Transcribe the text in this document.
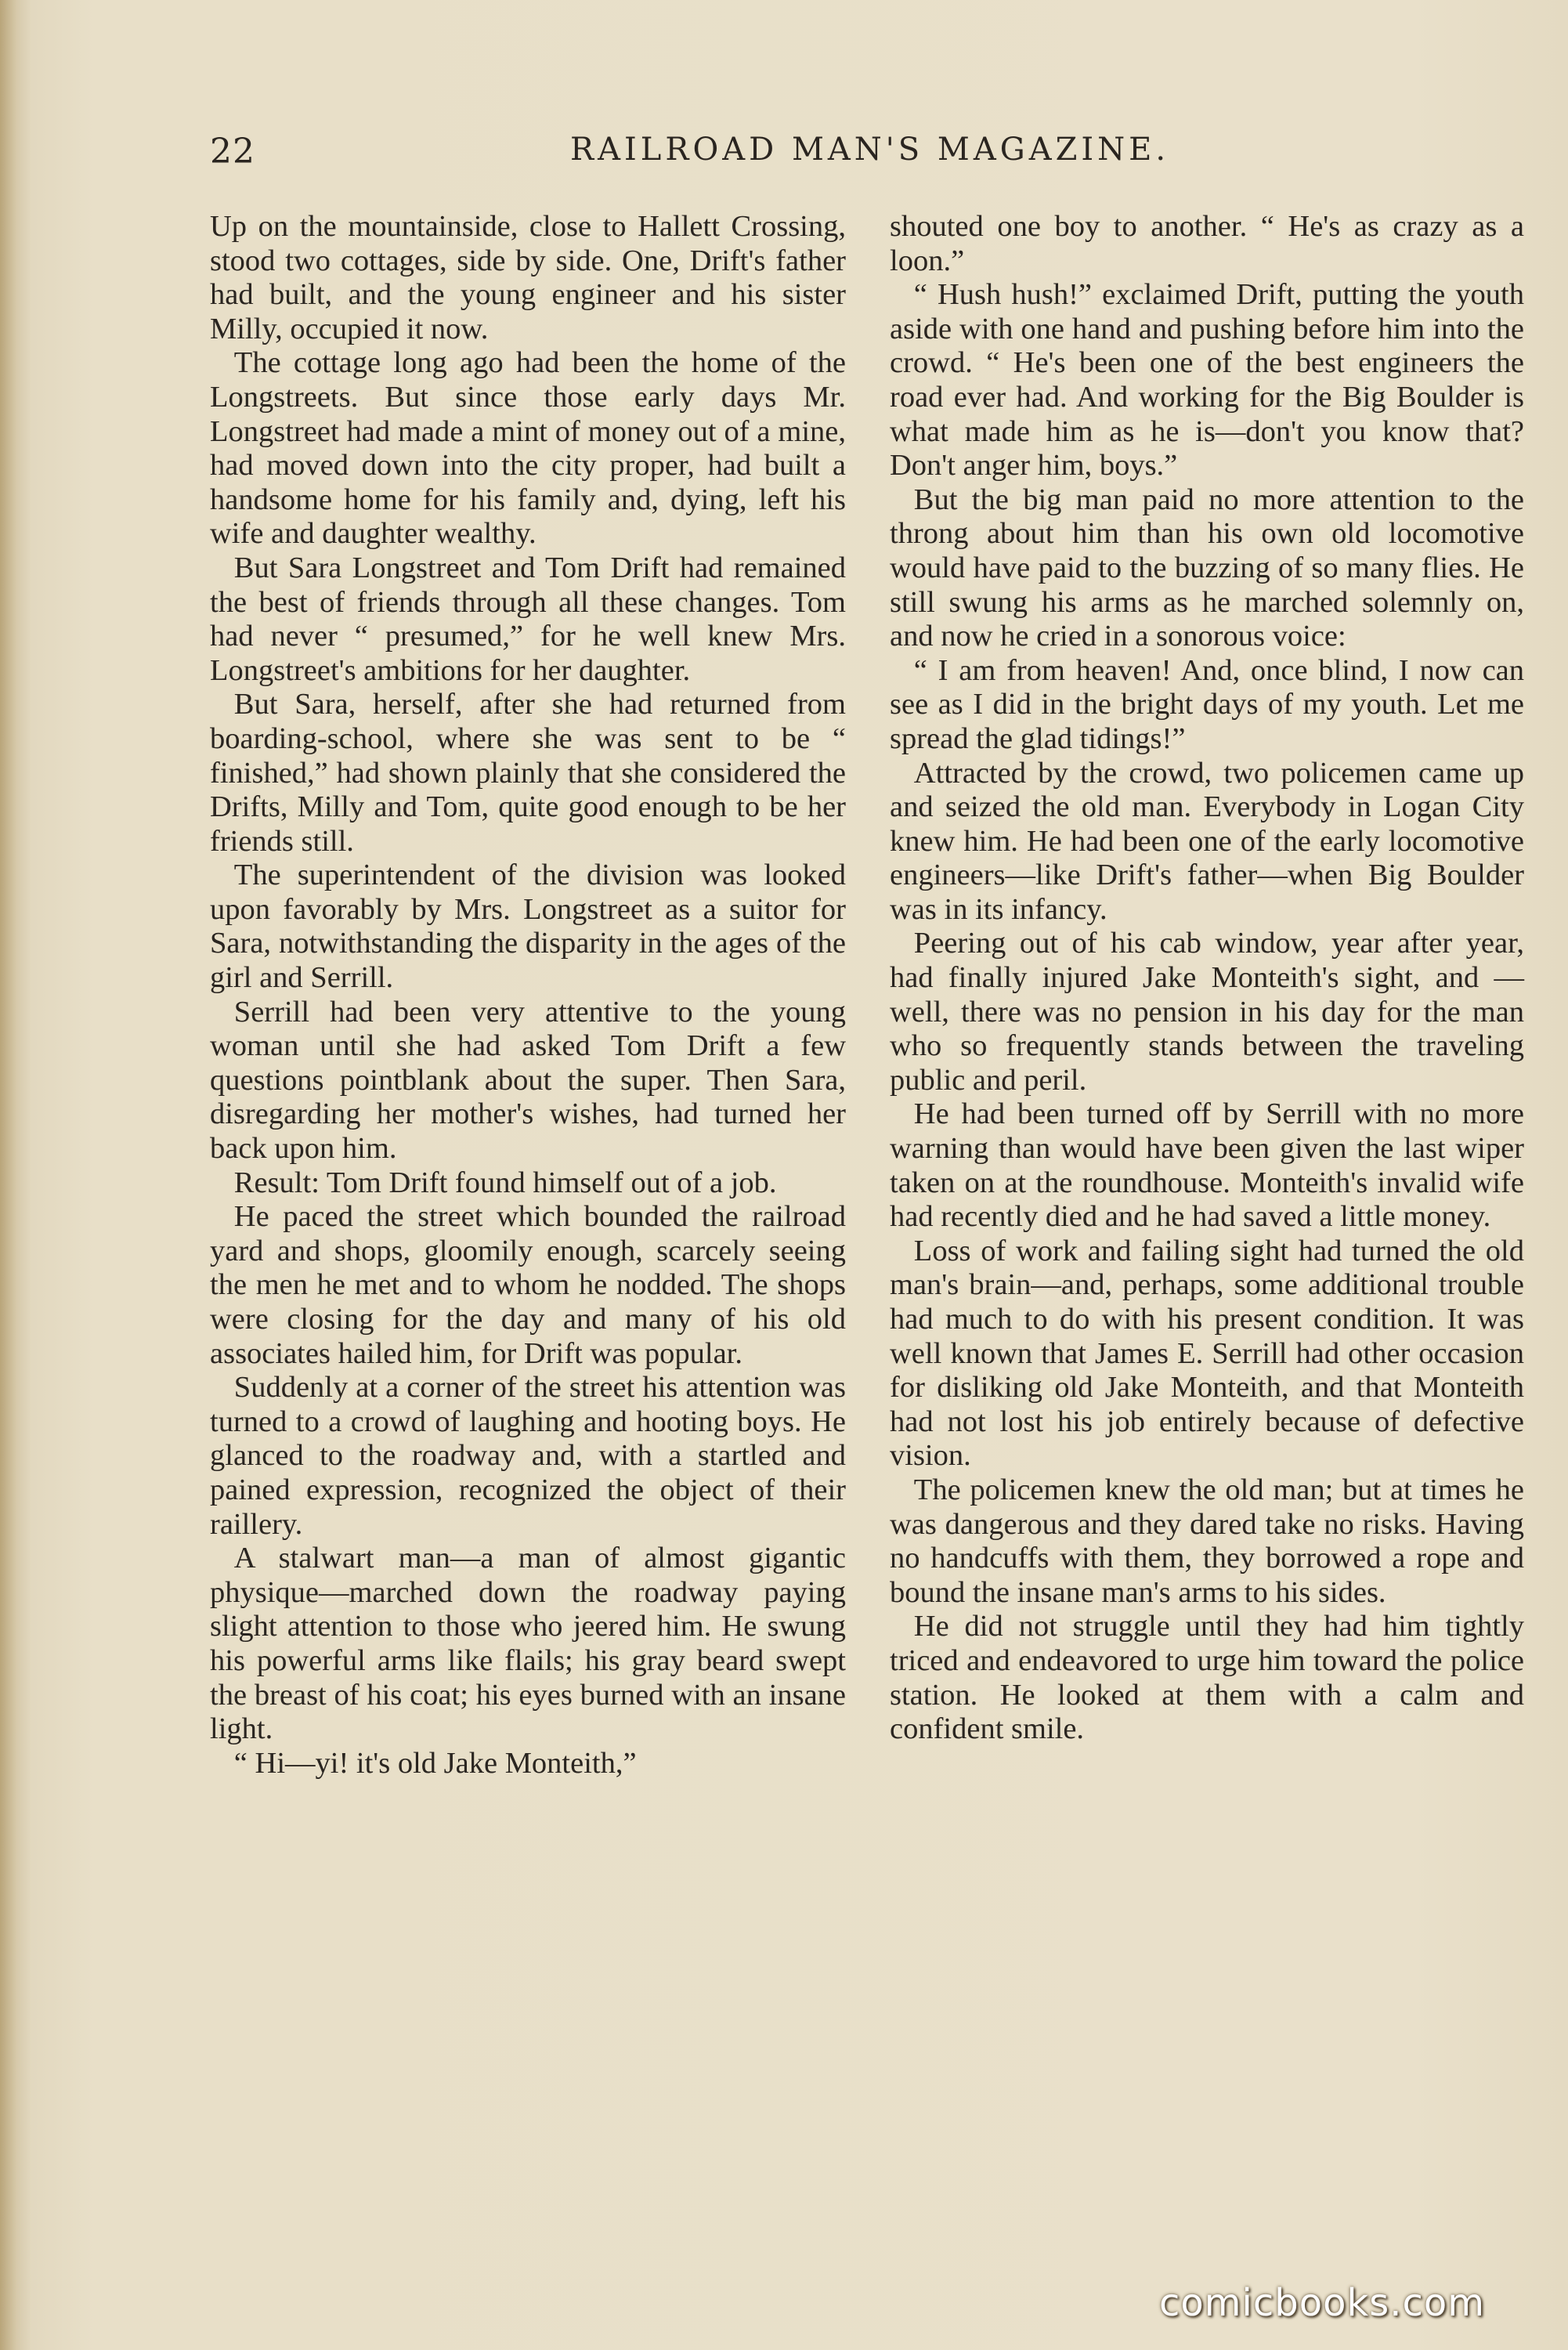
22	RAILROAD MAN'S MAGAZINE.

Up on the mountainside, close to Hallett Crossing, stood two cottages, side by side. One, Drift's father had built, and the young engineer and his sister Milly, occupied it now.

The cottage long ago had been the home of the Longstreets. But since those early days Mr. Longstreet had made a mint of money out of a mine, had moved down into the city proper, had built a handsome home for his family and, dying, left his wife and daughter wealthy.

But Sara Longstreet and Tom Drift had remained the best of friends through all these changes. Tom had never “ presumed,” for he well knew Mrs. Longstreet's ambitions for her daughter.

But Sara, herself, after she had returned from boarding-school, where she was sent to be “ finished,” had shown plainly that she considered the Drifts, Milly and Tom, quite good enough to be her friends still.

The superintendent of the division was looked upon favorably by Mrs. Longstreet as a suitor for Sara, notwithstanding the disparity in the ages of the girl and Serrill.

Serrill had been very attentive to the young woman until she had asked Tom Drift a few questions pointblank about the super. Then Sara, disregarding her mother's wishes, had turned her back upon him.

Result: Tom Drift found himself out of a job.

He paced the street which bounded the railroad yard and shops, gloomily enough, scarcely seeing the men he met and to whom he nodded. The shops were closing for the day and many of his old associates hailed him, for Drift was popular.

Suddenly at a corner of the street his attention was turned to a crowd of laughing and hooting boys. He glanced to the roadway and, with a startled and pained expression, recognized the object of their raillery.

A stalwart man—a man of almost gigantic physique—marched down the roadway paying slight attention to those who jeered him. He swung his powerful arms like flails; his gray beard swept the breast of his coat; his eyes burned with an insane light.

“ Hi—yi! it's old Jake Monteith,”

shouted one boy to another. “ He's as crazy as a loon.”

“ Hush hush!” exclaimed Drift, putting the youth aside with one hand and pushing before him into the crowd. “ He's been one of the best engineers the road ever had. And working for the Big Boulder is what made him as he is—don't you know that? Don't anger him, boys.”

But the big man paid no more attention to the throng about him than his own old locomotive would have paid to the buzzing of so many flies. He still swung his arms as he marched solemnly on, and now he cried in a sonorous voice:

“ I am from heaven! And, once blind, I now can see as I did in the bright days of my youth. Let me spread the glad tidings!”

Attracted by the crowd, two policemen came up and seized the old man. Everybody in Logan City knew him. He had been one of the early locomotive engineers—like Drift's father—when Big Boulder was in its infancy.

Peering out of his cab window, year after year, had finally injured Jake Monteith's sight, and — well, there was no pension in his day for the man who so frequently stands between the traveling public and peril.

He had been turned off by Serrill with no more warning than would have been given the last wiper taken on at the roundhouse. Monteith's invalid wife had recently died and he had saved a little money.

Loss of work and failing sight had turned the old man's brain—and, perhaps, some additional trouble had much to do with his present condition. It was well known that James E. Serrill had other occasion for disliking old Jake Monteith, and that Monteith had not lost his job entirely because of defective vision.

The policemen knew the old man; but at times he was dangerous and they dared take no risks. Having no handcuffs with them, they borrowed a rope and bound the insane man's arms to his sides.

He did not struggle until they had him tightly triced and endeavored to urge him toward the police station. He looked at them with a calm and confident smile.

comicbooks.com
